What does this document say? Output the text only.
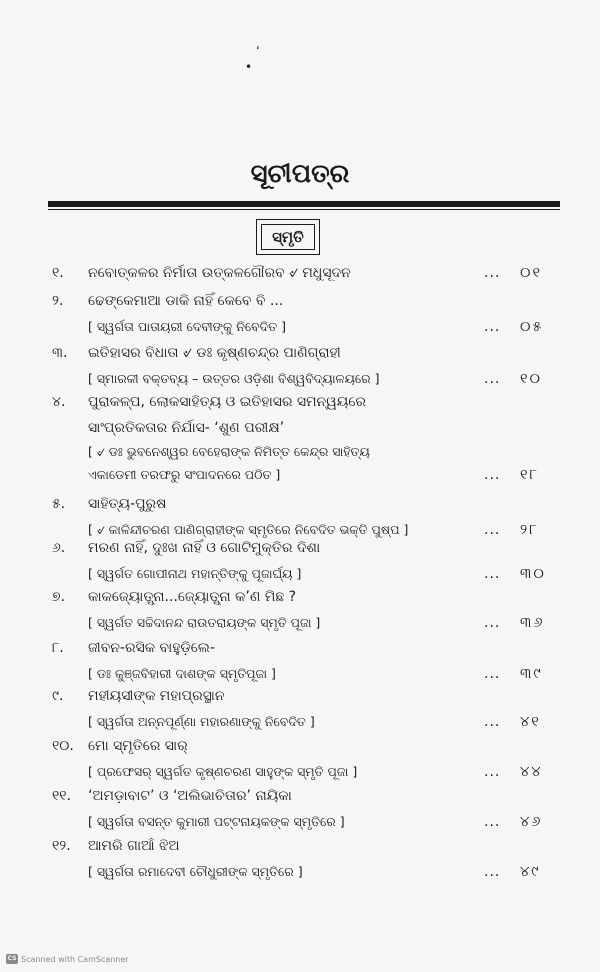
‘
•
ସୂଚୀପତ୍ର
ସ୍ମୃତି
୧.	ନବୋତ୍କଳର ନିର୍ମାତା ଉତ୍କଳଗୌରବ ୰ ମଧୁସୂଦନ	... ୦୧
୨.	ଢେଙ୍କେମାଆ ଡାକି ନାହିଁ କେବେ ବି ...
[ ସ୍ୱର୍ଗତା ପାତାୟରୀ ଦେବୀଙ୍କୁ ନିବେଦିତ ]	... ୦୫
୩.	ଇତିହାସର ବିଧାତା ୰ ଡଃ କୃଷ୍ଣଚନ୍ଦ୍ର ପାଣିଗ୍ରାହୀ
[ ସ୍ମାରକୀ ବକ୍ତବ୍ୟ – ଉତ୍ତର ଓଡ଼ିଶା ବିଶ୍ୱବିଦ୍ୟାଳୟରେ ]	... ୧୦
୪.	ପୁରାକଳ୍ପ, ଲୋକସାହିତ୍ୟ ଓ ଇତିହାସର ସମନ୍ୱୟରେ
ସାଂପ୍ରତିକତାର ନିର୍ଯାସ- ‘ଶୁଣ ପରୀକ୍ଷ’
[ ୰ ଡଃ ଭୁବନେଶ୍ୱର ବେହେରାଙ୍କ ନିମିତ୍ତ କେନ୍ଦ୍ର ସାହିତ୍ୟ
ଏକାଡେମୀ ତରଫରୁ ସଂପାଦନରେ ପଠିତ ]	... ୧୮
୫.	ସାହିତ୍ୟ-ପୁରୁଷ
[ ୰ କାଳିନ୍ଦୀଚରଣ ପାଣିଗ୍ରାହୀଙ୍କ ସ୍ମୃତିରେ ନିବେଦିତ ଭକ୍ତି ପୁଷ୍ପ ]	... ୨୮
୬.	ମରଣ ନାହିଁ, ଦୁଃଖ ନାହିଁ ଓ ଗୋଟିମୁକ୍ତିର ଦିଶା
[ ସ୍ୱର୍ଗତ ଗୋପୀନାଥ ମହାନ୍ତିଙ୍କୁ ପୂଜାର୍ଘ୍ୟ ]	... ୩୦
୭.	କାକଜ୍ୟୋତ୍ସ୍ନା...ଜ୍ୟୋତ୍ସ୍ନା କ’ଣ ମିଛ ?
[ ସ୍ୱର୍ଗତ ସଚ୍ଚିଦାନନ୍ଦ ରାଉତରାୟଙ୍କ ସ୍ମୃତି ପୂଜା ]	... ୩୬
୮.	ଜୀବନ-ରସିକ ବାହୁଡ଼ିଲେ-
[ ଡଃ କୁଞ୍ଜବିହାରୀ ଦାଶଙ୍କ ସ୍ମୃତିପୂଜା ]	... ୩୯
୯.	ମହୀୟସୀଙ୍କ ମହାପ୍ରସ୍ଥାନ
[ ସ୍ୱର୍ଗତା ଅନ୍ନପୂର୍ଣ୍ଣା ମହାରଣାଙ୍କୁ ନିବେଦିତ ]	... ୪୧
୧୦.	ମୋ ସ୍ମୃତିରେ ସାର୍
[ ପ୍ରଫେସର୍ ସ୍ୱର୍ଗତ କୃଷ୍ଣଚରଣ ସାହୁଙ୍କ ସ୍ମୃତି ପୂଜା ]	... ୪୪
୧୧.	‘ଅମଡ଼ାବାଟ’ ଓ ‘ଅଲିଭାଚିତାର’ ନାୟିକା
[ ସ୍ୱର୍ଗତା ବସନ୍ତ କୁମାରୀ ପଟ୍ଟନାୟକଙ୍କ ସ୍ମୃତିରେ ]	... ୪୬
୧୨.	ଆମରି ଗାଆଁ ଝିଅ
[ ସ୍ୱର୍ଗତା ରମାଦେବୀ ଚୌଧୁରୀଙ୍କ ସ୍ମୃତିରେ ]	... ୪୯
CS Scanned with CamScanner
